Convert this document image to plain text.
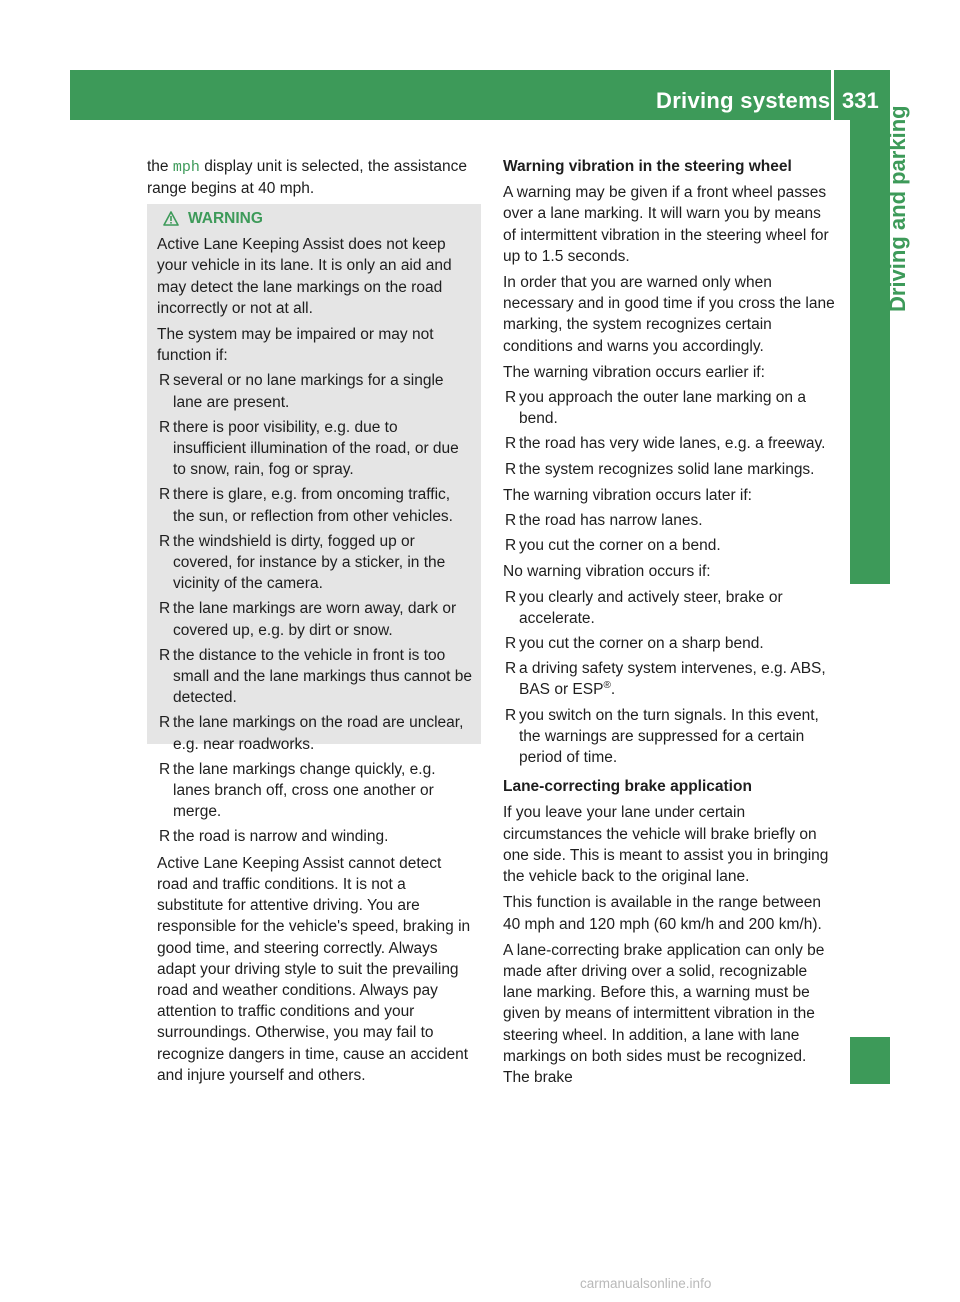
Driving systems 331
Driving and parking

the mph display unit is selected, the assistance range begins at 40 mph.

WARNING

Active Lane Keeping Assist does not keep your vehicle in its lane. It is only an aid and may detect the lane markings on the road incorrectly or not at all.

The system may be impaired or may not function if:

R several or no lane markings for a single lane are present.

R there is poor visibility, e.g. due to insufficient illumination of the road, or due to snow, rain, fog or spray.

R there is glare, e.g. from oncoming traffic, the sun, or reflection from other vehicles.

R the windshield is dirty, fogged up or covered, for instance by a sticker, in the vicinity of the camera.

R the lane markings are worn away, dark or covered up, e.g. by dirt or snow.

R the distance to the vehicle in front is too small and the lane markings thus cannot be detected.

R the lane markings on the road are unclear, e.g. near roadworks.

R the lane markings change quickly, e.g. lanes branch off, cross one another or merge.

R the road is narrow and winding.

Active Lane Keeping Assist cannot detect road and traffic conditions. It is not a substitute for attentive driving. You are responsible for the vehicle's speed, braking in good time, and steering correctly. Always adapt your driving style to suit the prevailing road and weather conditions. Always pay attention to traffic conditions and your surroundings. Otherwise, you may fail to recognize dangers in time, cause an accident and injure yourself and others.

Warning vibration in the steering wheel

A warning may be given if a front wheel passes over a lane marking. It will warn you by means of intermittent vibration in the steering wheel for up to 1.5 seconds.

In order that you are warned only when necessary and in good time if you cross the lane marking, the system recognizes certain conditions and warns you accordingly.

The warning vibration occurs earlier if:

R you approach the outer lane marking on a bend.

R the road has very wide lanes, e.g. a freeway.

R the system recognizes solid lane markings.

The warning vibration occurs later if:

R the road has narrow lanes.

R you cut the corner on a bend.

No warning vibration occurs if:

R you clearly and actively steer, brake or accelerate.

R you cut the corner on a sharp bend.

R a driving safety system intervenes, e.g. ABS, BAS or ESP®.

R you switch on the turn signals. In this event, the warnings are suppressed for a certain period of time.

Lane-correcting brake application

If you leave your lane under certain circumstances the vehicle will brake briefly on one side. This is meant to assist you in bringing the vehicle back to the original lane.

This function is available in the range between 40 mph and 120 mph (60 km/h and 200 km/h).

A lane-correcting brake application can only be made after driving over a solid, recognizable lane marking. Before this, a warning must be given by means of intermittent vibration in the steering wheel. In addition, a lane with lane markings on both sides must be recognized. The brake

carmanualsonline.info
